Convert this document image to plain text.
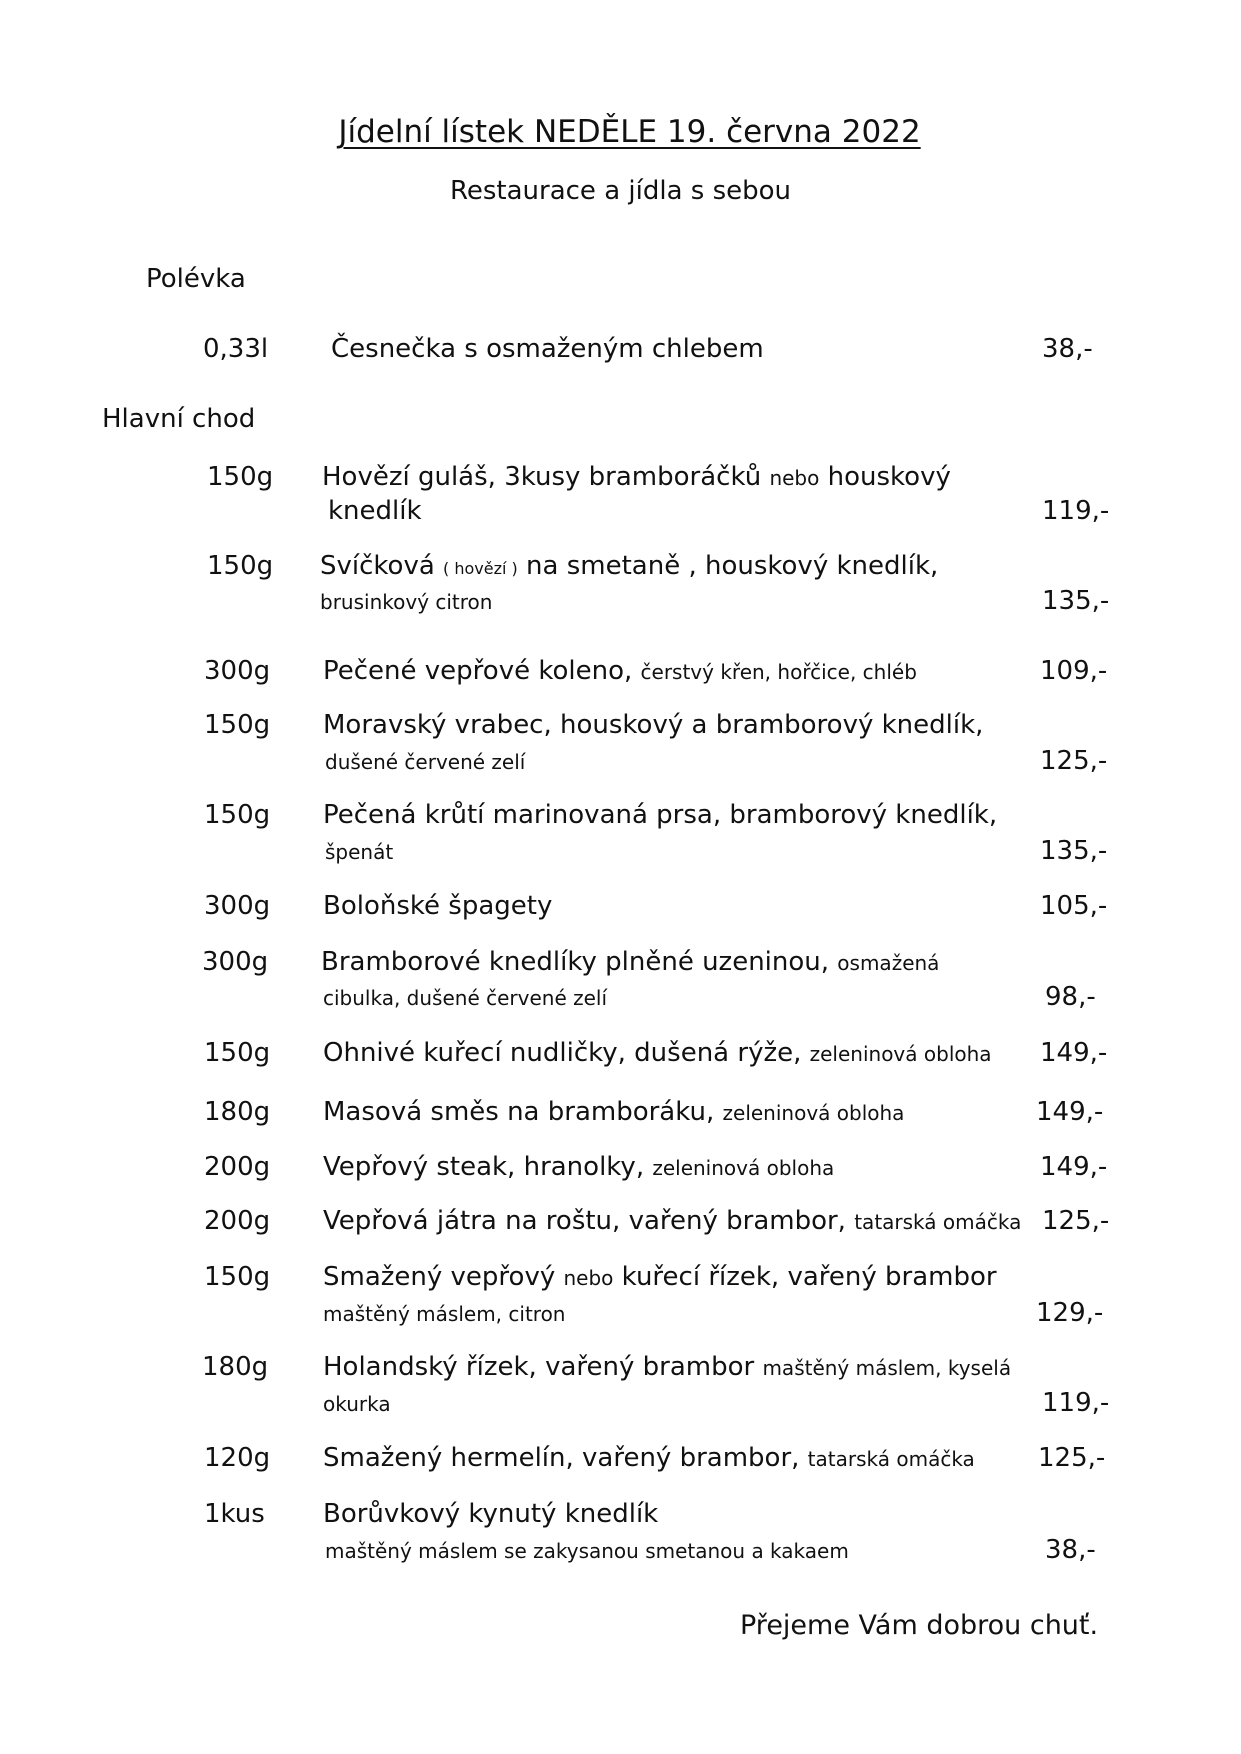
Jídelní lístek NEDĚLE 19. června 2022
Restaurace a jídla s sebou
Polévka
0,33l Česnečka s osmaženým chlebem	38,-
Hlavní chod
150g Hovězí guláš, 3kusy bramboráčků nebo houskový
knedlík	119,-
150g Svíčková ( hovězí ) na smetaně , houskový knedlík,
brusinkový citron	135,-
300g Pečené vepřové koleno, čerstvý křen, hořčice, chléb	109,-
150g Moravský vrabec, houskový a bramborový knedlík,
dušené červené zelí	125,-
150g Pečená krůtí marinovaná prsa, bramborový knedlík,
špenát	135,-
300g Boloňské špagety	105,-
300g Bramborové knedlíky plněné uzeninou, osmažená
cibulka, dušené červené zelí	98,-
150g Ohnivé kuřecí nudličky, dušená rýže, zeleninová obloha 149,-
180g Masová směs na bramboráku, zeleninová obloha	149,-
200g Vepřový steak, hranolky, zeleninová obloha	149,-
200g Vepřová játra na roštu, vařený brambor, tatarská omáčka 125,-
150g Smažený vepřový nebo kuřecí řízek, vařený brambor
maštěný máslem, citron	129,-
180g Holandský řízek, vařený brambor maštěný máslem, kyselá
okurka	119,-
120g Smažený hermelín, vařený brambor, tatarská omáčka 125,-
1kus Borůvkový kynutý knedlík
maštěný máslem se zakysanou smetanou a kakaem	38,-
Přejeme Vám dobrou chuť.
